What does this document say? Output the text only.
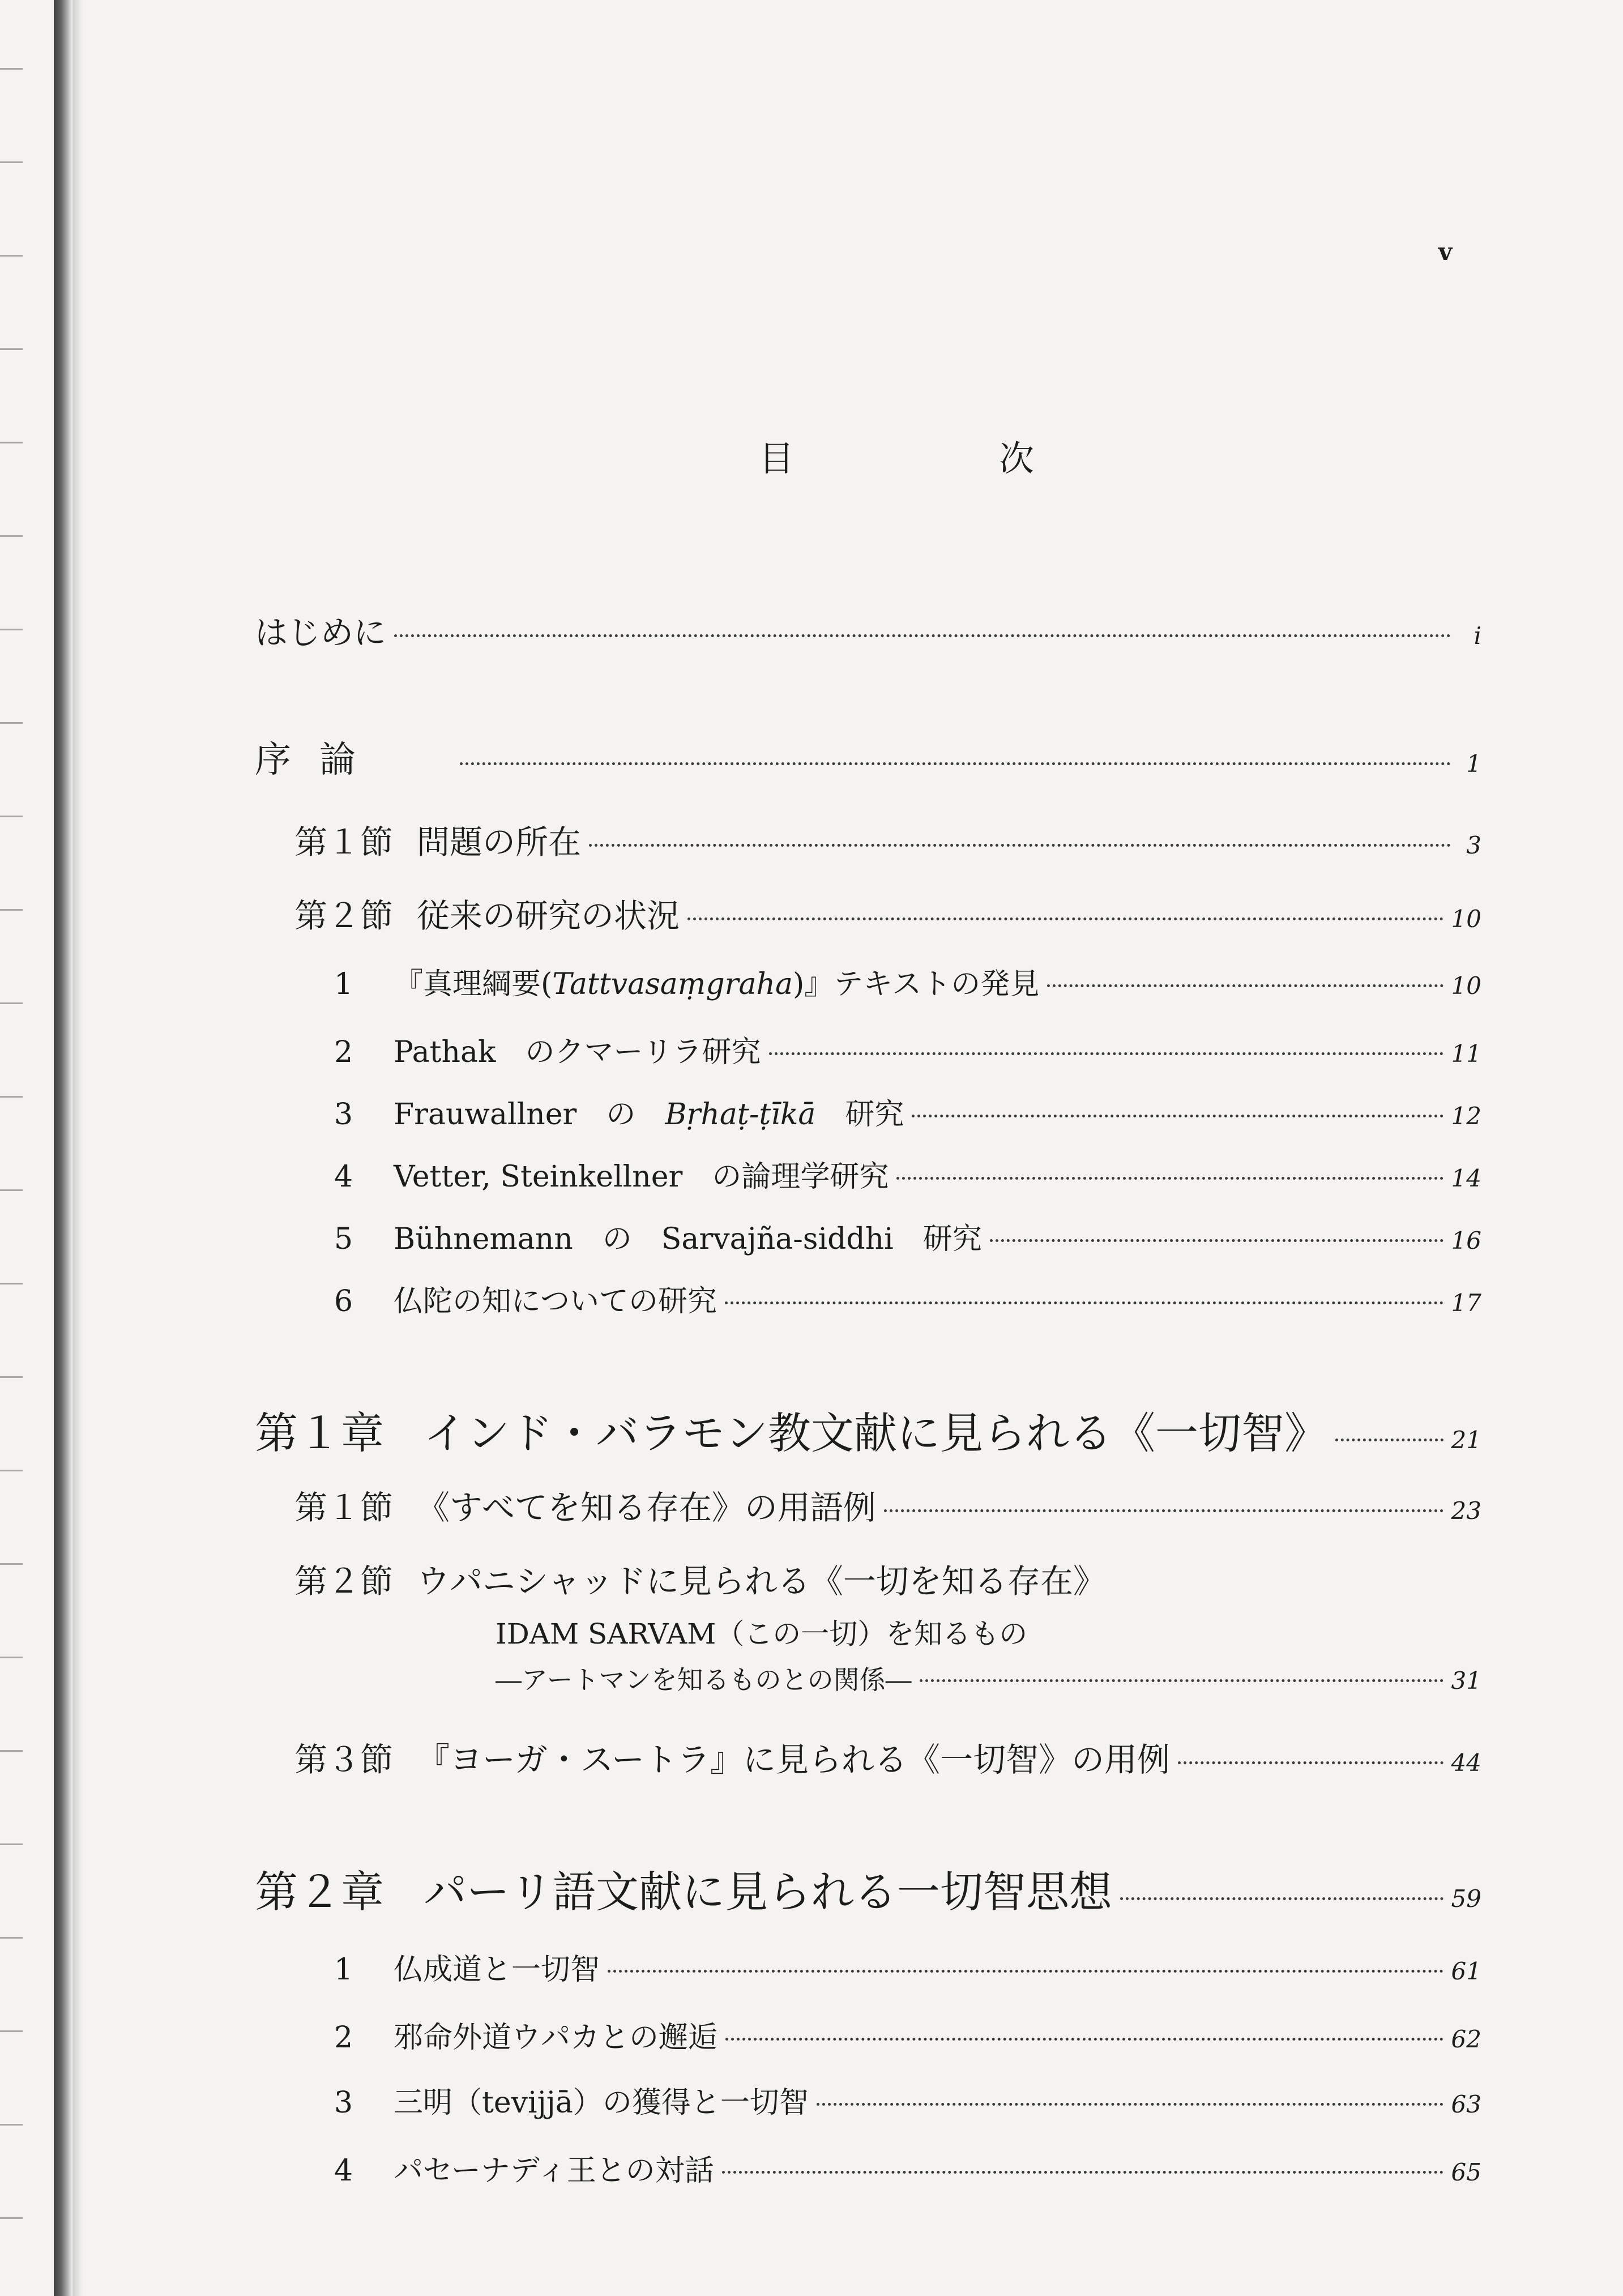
v
目　次
はじめに	i
序論	1
第１節 問題の所在	3
第２節 従来の研究の状況	10
1	『真理綱要( Tattvasaṃgraha )』テキストの発見	10
2	Pathak　のクマーリラ研究	11
3	Frauwallner　の　 Bṛhaṭ-ṭīkā 　研究	12
4	Vetter, Steinkellner　の論理学研究	14
5	Bühnemann　の　Sarvajña-siddhi　研究	16
6	仏陀の知についての研究	17
第１章 インド・バラモン教文献に見られる《一切智》	21
第１節 《すべてを知る存在》の用語例	23
第２節 ウパニシャッドに見られる《一切を知る存在》
IDAM SARVAM（この一切）を知るもの
―アートマンを知るものとの関係―	31
第３節 『ヨーガ・スートラ』に見られる《一切智》の用例	44
第２章 パーリ語文献に見られる一切智思想	59
1	仏成道と一切智	61
2	邪命外道ウパカとの邂逅	62
3	三明（tevijjā）の獲得と一切智	63
4	パセーナディ王との対話	65
